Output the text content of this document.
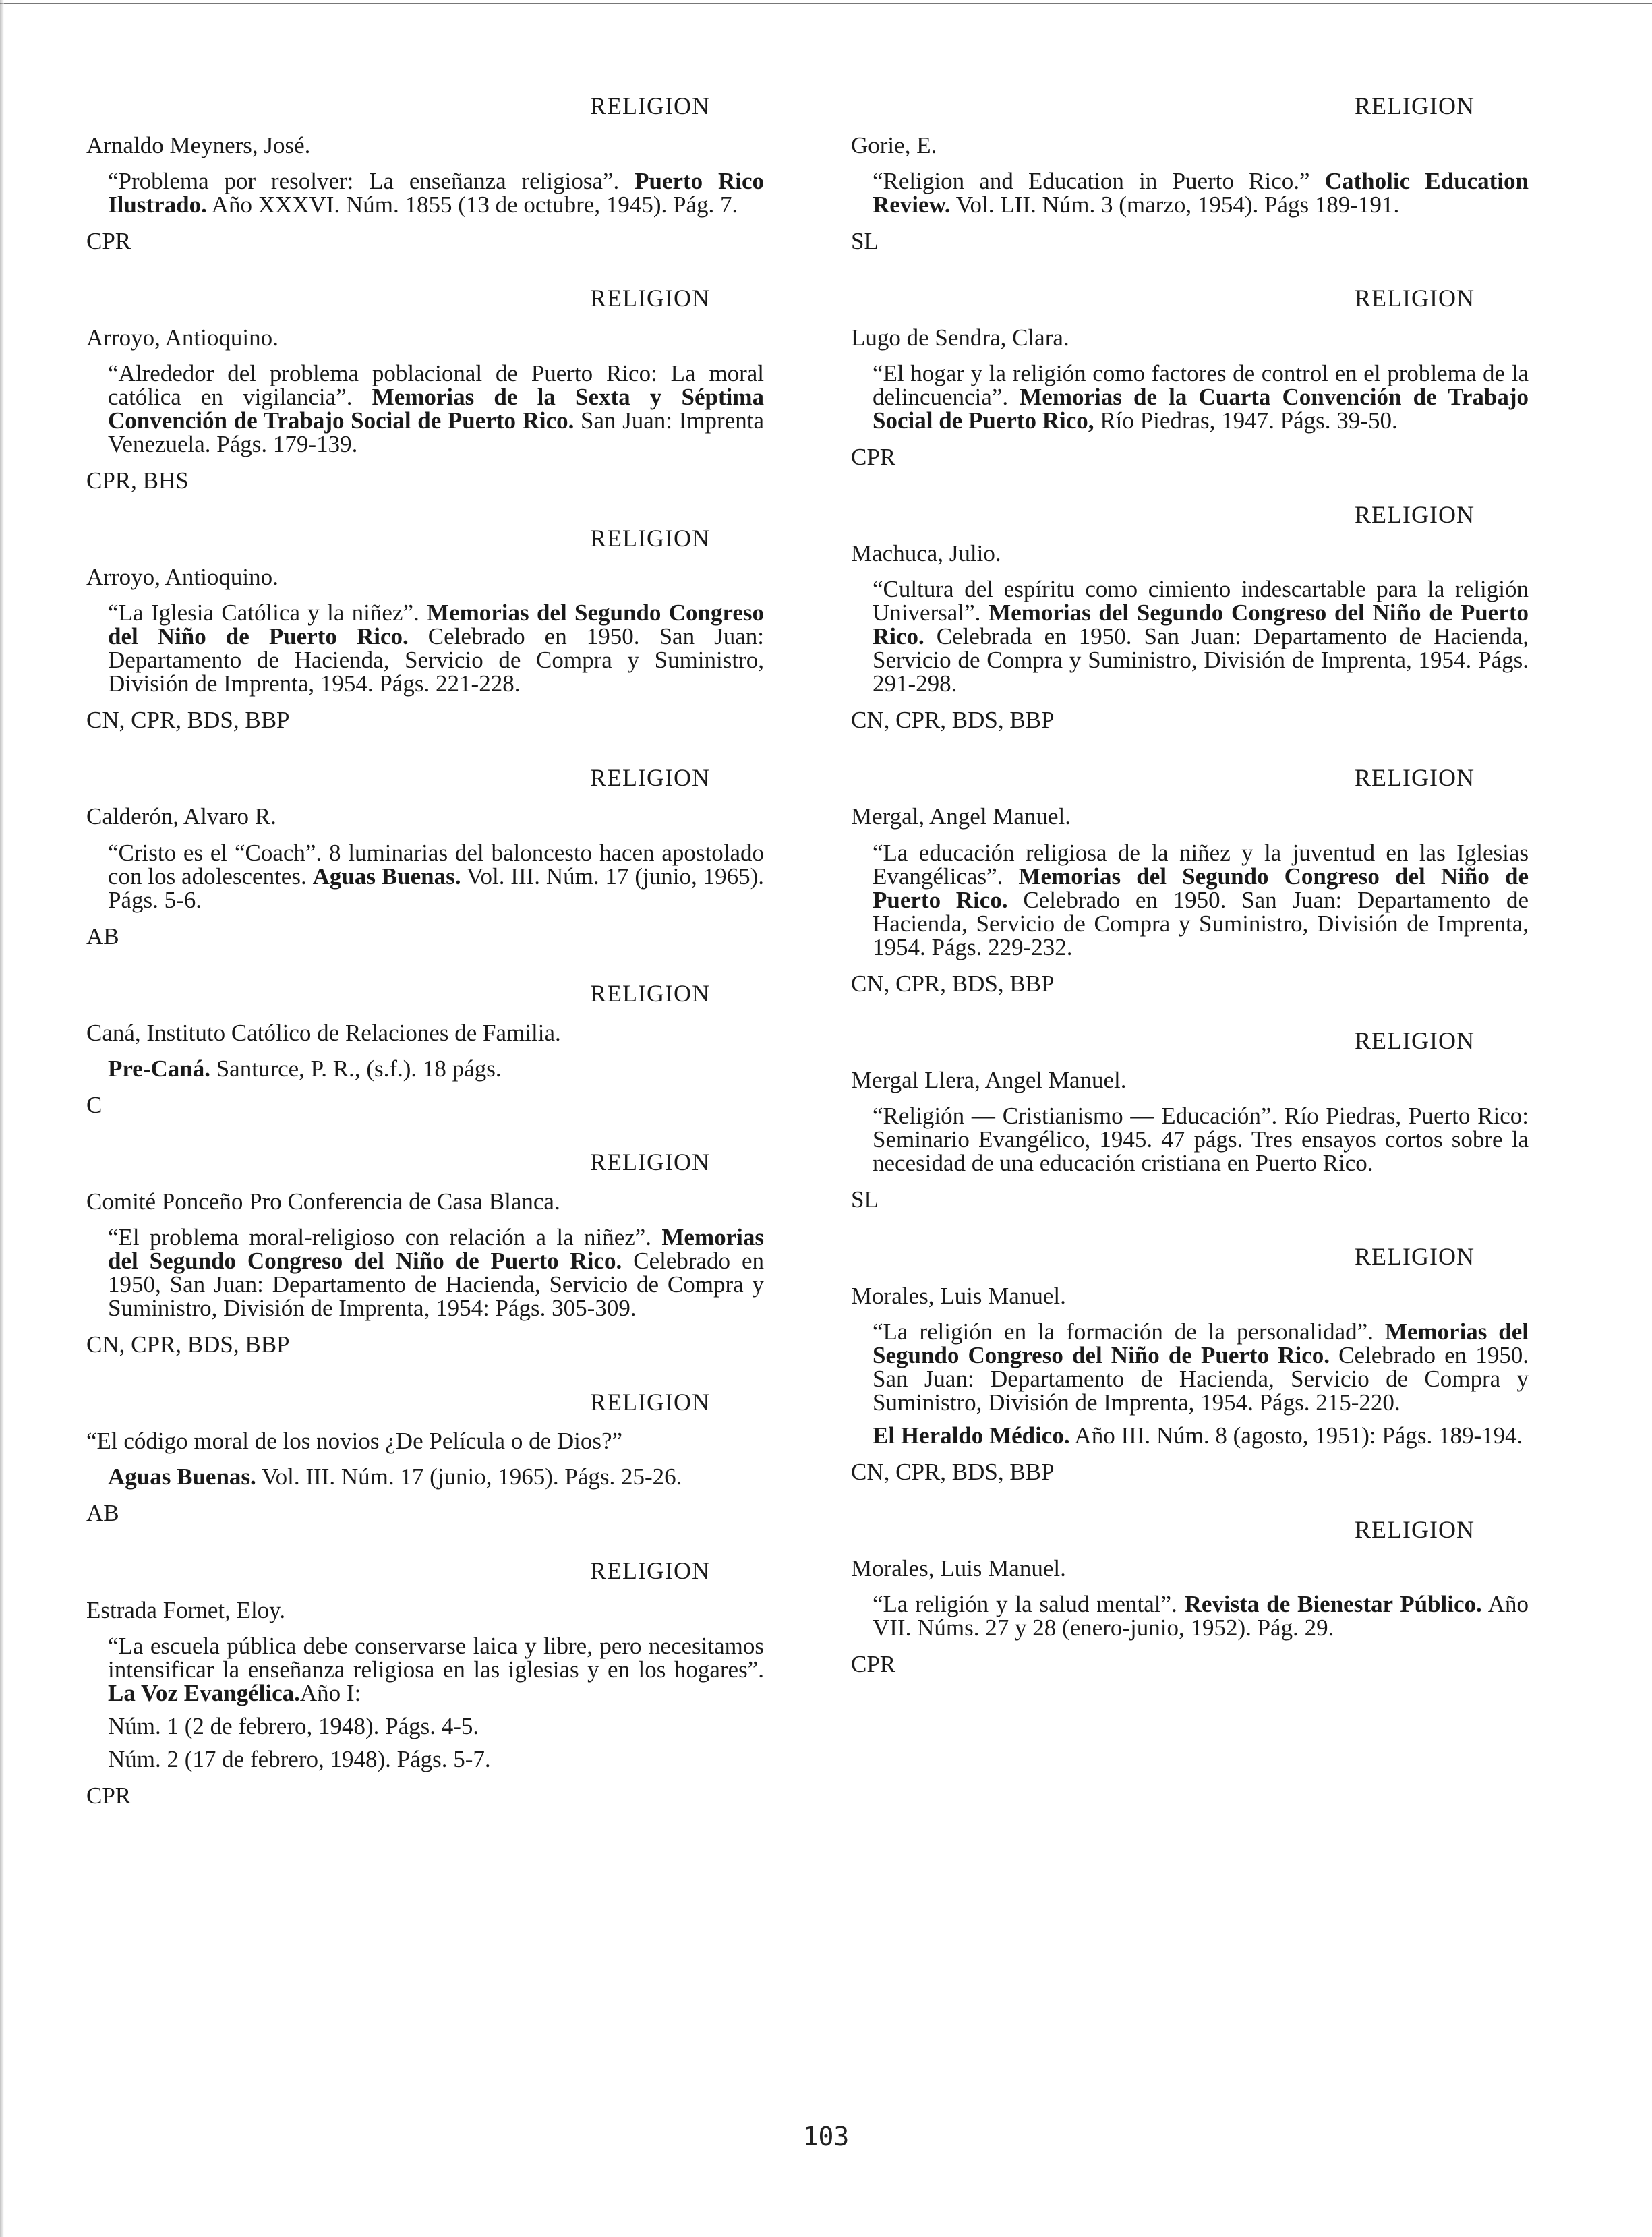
RELIGION
Arnaldo Meyners, José.
“Problema por resolver: La enseñanza religiosa”. Puerto Rico Ilustrado. Año XXXVI. Núm. 1855 (13 de octubre, 1945). Pág. 7.
CPR
RELIGION
Arroyo, Antioquino.
“Alrededor del problema poblacional de Puerto Rico: La moral católica en vigilancia”. Memorias de la Sexta y Séptima Convención de Trabajo Social de Puerto Rico. San Juan: Imprenta Venezuela. Págs. 179-139.
CPR, BHS
RELIGION
Arroyo, Antioquino.
“La Iglesia Católica y la niñez”. Memorias del Segundo Congreso del Niño de Puerto Rico. Celebrado en 1950. San Juan: Departamento de Hacienda, Servicio de Compra y Suministro, División de Imprenta, 1954. Págs. 221-228.
CN, CPR, BDS, BBP
RELIGION
Calderón, Alvaro R.
“Cristo es el “Coach”. 8 luminarias del baloncesto hacen apostolado con los adolescentes. Aguas Buenas. Vol. III. Núm. 17 (junio, 1965). Págs. 5-6.
AB
RELIGION
Caná, Instituto Católico de Relaciones de Familia.
Pre-Caná. Santurce, P. R., (s.f.). 18 págs.
C
RELIGION
Comité Ponceño Pro Conferencia de Casa Blanca.
“El problema moral-religioso con relación a la niñez”. Memorias del Segundo Congreso del Niño de Puerto Rico. Celebrado en 1950, San Juan: Departamento de Hacienda, Servicio de Compra y Suministro, División de Imprenta, 1954: Págs. 305-309.
CN, CPR, BDS, BBP
RELIGION
“El código moral de los novios ¿De Película o de Dios?”
Aguas Buenas. Vol. III. Núm. 17 (junio, 1965). Págs. 25-26.
AB
RELIGION
Estrada Fornet, Eloy.
“La escuela pública debe conservarse laica y libre, pero necesitamos intensificar la enseñanza religiosa en las iglesias y en los hogares”. La Voz Evangélica.Año I:
Núm. 1 (2 de febrero, 1948). Págs. 4-5.
Núm. 2 (17 de febrero, 1948). Págs. 5-7.
CPR
RELIGION
Gorie, E.
“Religion and Education in Puerto Rico.” Catholic Education Review. Vol. LII. Núm. 3 (marzo, 1954). Págs 189-191.
SL
RELIGION
Lugo de Sendra, Clara.
“El hogar y la religión como factores de control en el problema de la delincuencia”. Memorias de la Cuarta Convención de Trabajo Social de Puerto Rico, Río Piedras, 1947. Págs. 39-50.
CPR
RELIGION
Machuca, Julio.
“Cultura del espíritu como cimiento indescartable para la religión Universal”. Memorias del Segundo Congreso del Niño de Puerto Rico. Celebrada en 1950. San Juan: Departamento de Hacienda, Servicio de Compra y Suministro, División de Imprenta, 1954. Págs. 291-298.
CN, CPR, BDS, BBP
RELIGION
Mergal, Angel Manuel.
“La educación religiosa de la niñez y la juventud en las Iglesias Evangélicas”. Memorias del Segundo Congreso del Niño de Puerto Rico. Celebrado en 1950. San Juan: Departamento de Hacienda, Servicio de Compra y Suministro, División de Imprenta, 1954. Págs. 229-232.
CN, CPR, BDS, BBP
RELIGION
Mergal Llera, Angel Manuel.
“Religión — Cristianismo — Educación”. Río Piedras, Puerto Rico: Seminario Evangélico, 1945. 47 págs. Tres ensayos cortos sobre la necesidad de una educación cristiana en Puerto Rico.
SL
RELIGION
Morales, Luis Manuel.
“La religión en la formación de la personalidad”. Memorias del Segundo Congreso del Niño de Puerto Rico. Celebrado en 1950. San Juan: Departamento de Hacienda, Servicio de Compra y Suministro, División de Imprenta, 1954. Págs. 215-220.
El Heraldo Médico. Año III. Núm. 8 (agosto, 1951): Págs. 189-194.
CN, CPR, BDS, BBP
RELIGION
Morales, Luis Manuel.
“La religión y la salud mental”. Revista de Bienestar Público. Año VII. Núms. 27 y 28 (enero-junio, 1952). Pág. 29.
CPR
103
